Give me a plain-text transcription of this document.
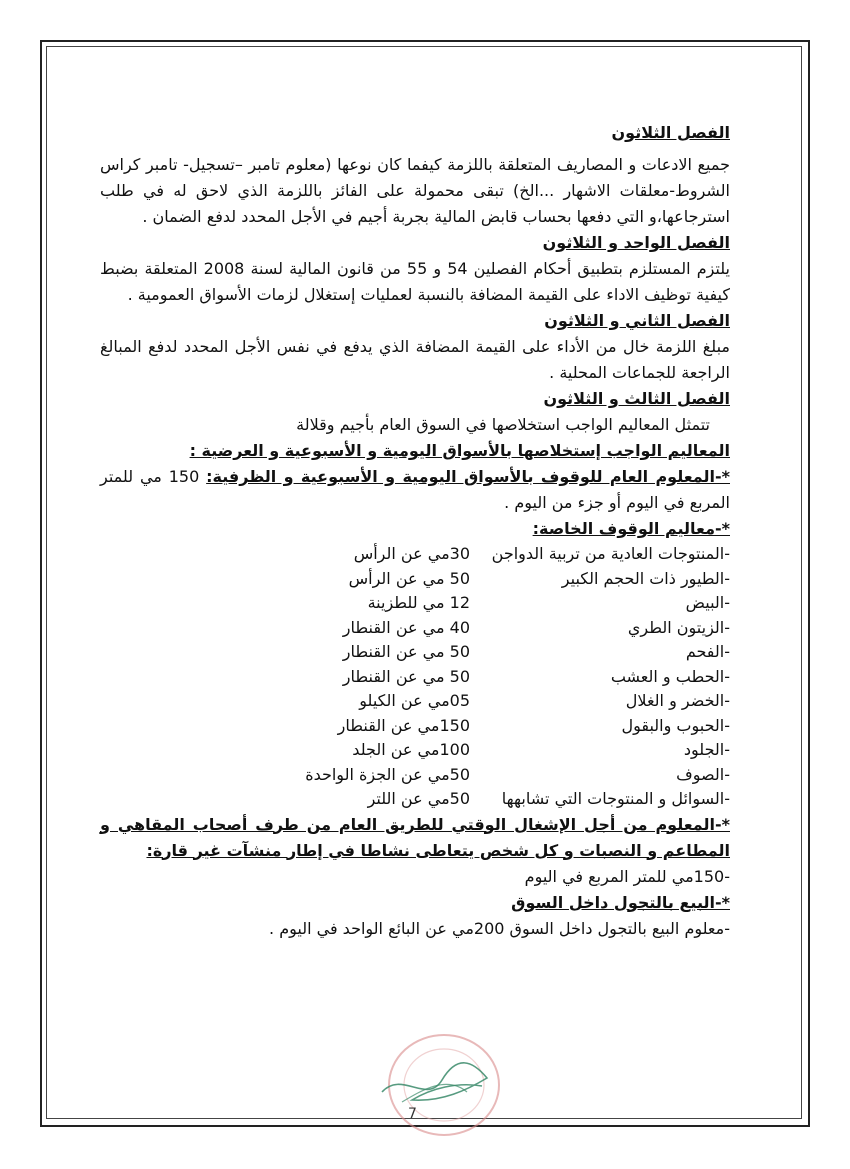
الفصل الثلاثون

جميع الادعات و المصاريف المتعلقة باللزمة كيفما كان نوعها (معلوم تامبر –تسجيل- تامبر كراس الشروط-معلقات الاشهار ...الخ) تبقى محمولة على الفائز باللزمة الذي لاحق له في طلب استرجاعها،و التي دفعها بحساب قابض المالية بجربة أجيم في الأجل المحدد لدفع الضمان .

الفصل الواحد و الثلاثون

يلتزم المستلزم بتطبيق أحكام الفصلين 54 و 55 من قانون المالية لسنة 2008 المتعلقة بضبط كيفية توظيف الاداء على القيمة المضافة بالنسبة لعمليات إستغلال لزمات الأسواق العمومية .

الفصل الثاني و الثلاثون

مبلغ اللزمة خال من الأداء على القيمة المضافة الذي يدفع في نفس الأجل المحدد لدفع المبالغ الراجعة للجماعات المحلية .

الفصل الثالث و الثلاثون

تتمثل المعاليم الواجب استخلاصها في السوق العام بأجيم وقلالة

المعاليم الواجب إستخلاصها بالأسواق اليومية و الأسبوعية و العرضية :

*-المعلوم العام للوقوف بالأسواق اليومية و الأسبوعية و الظرفية: 150 مي للمتر المربع في اليوم أو جزء من اليوم .

*-معاليم الوقوف الخاصة:

-المنتوجات العادية من تربية الدواجن
30مي عن الرأس
-الطيور ذات الحجم الكبير
50 مي عن الرأس
-البيض
12 مي للطزينة
-الزيتون الطري
40 مي عن القنطار
-الفحم
50 مي عن القنطار
-الحطب و العشب
50 مي عن القنطار
-الخضر و الغلال
05مي عن الكيلو
-الحبوب والبقول
150مي عن القنطار
-الجلود
100مي عن الجلد
-الصوف
50مي عن الجزة الواحدة
-السوائل و المنتوجات التي تشابهها
50مي عن اللتر

*-المعلوم من أجل الإشغال الوقتي للطريق العام من طرف أصحاب المقاهي و المطاعم و النصبات و كل شخص يتعاطى نشاطا في إطار منشآت غير قارة:

-150مي للمتر المربع في اليوم

*-البيع بالتجول داخل السوق

-معلوم البيع بالتجول داخل السوق 200مي عن البائع الواحد في اليوم .

7
